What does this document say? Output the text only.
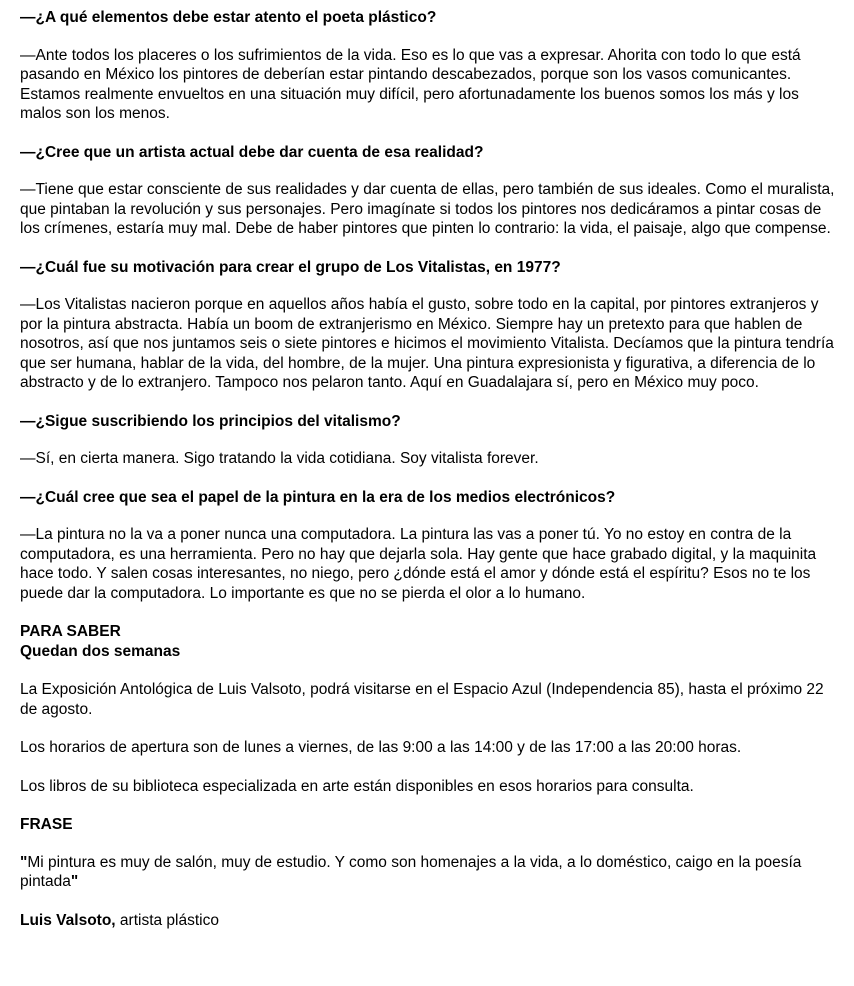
—¿A qué elementos debe estar atento el poeta plástico?

—Ante todos los placeres o los sufrimientos de la vida. Eso es lo que vas a expresar. Ahorita con todo lo que está pasando en México los pintores de deberían estar pintando descabezados, porque son los vasos comunicantes. Estamos realmente envueltos en una situación muy difícil, pero afortunadamente los buenos somos los más y los malos son los menos.

—¿Cree que un artista actual debe dar cuenta de esa realidad?

—Tiene que estar consciente de sus realidades y dar cuenta de ellas, pero también de sus ideales. Como el muralista, que pintaban la revolución y sus personajes. Pero imagínate si todos los pintores nos dedicáramos a pintar cosas de los crímenes, estaría muy mal. Debe de haber pintores que pinten lo contrario: la vida, el paisaje, algo que compense.

—¿Cuál fue su motivación para crear el grupo de Los Vitalistas, en 1977?

—Los Vitalistas nacieron porque en aquellos años había el gusto, sobre todo en la capital, por pintores extranjeros y por la pintura abstracta. Había un boom de extranjerismo en México. Siempre hay un pretexto para que hablen de nosotros, así que nos juntamos seis o siete pintores e hicimos el movimiento Vitalista. Decíamos que la pintura tendría que ser humana, hablar de la vida, del hombre, de la mujer. Una pintura expresionista y figurativa, a diferencia de lo abstracto y de lo extranjero. Tampoco nos pelaron tanto. Aquí en Guadalajara sí, pero en México muy poco.

—¿Sigue suscribiendo los principios del vitalismo?

—Sí, en cierta manera. Sigo tratando la vida cotidiana. Soy vitalista forever.

—¿Cuál cree que sea el papel de la pintura en la era de los medios electrónicos?

—La pintura no la va a poner nunca una computadora. La pintura las vas a poner tú. Yo no estoy en contra de la computadora, es una herramienta. Pero no hay que dejarla sola. Hay gente que hace grabado digital, y la maquinita hace todo. Y salen cosas interesantes, no niego, pero ¿dónde está el amor y dónde está el espíritu? Esos no te los puede dar la computadora. Lo importante es que no se pierda el olor a lo humano.

PARA SABER

Quedan dos semanas

La Exposición Antológica de Luis Valsoto, podrá visitarse en el Espacio Azul (Independencia 85), hasta el próximo 22 de agosto.

Los horarios de apertura son de lunes a viernes, de las 9:00 a las 14:00 y de las 17:00 a las 20:00 horas.

Los libros de su biblioteca especializada en arte están disponibles en esos horarios para consulta.

FRASE

"Mi pintura es muy de salón, muy de estudio. Y como son homenajes a la vida, a lo doméstico, caigo en la poesía pintada"

Luis Valsoto, artista plástico
